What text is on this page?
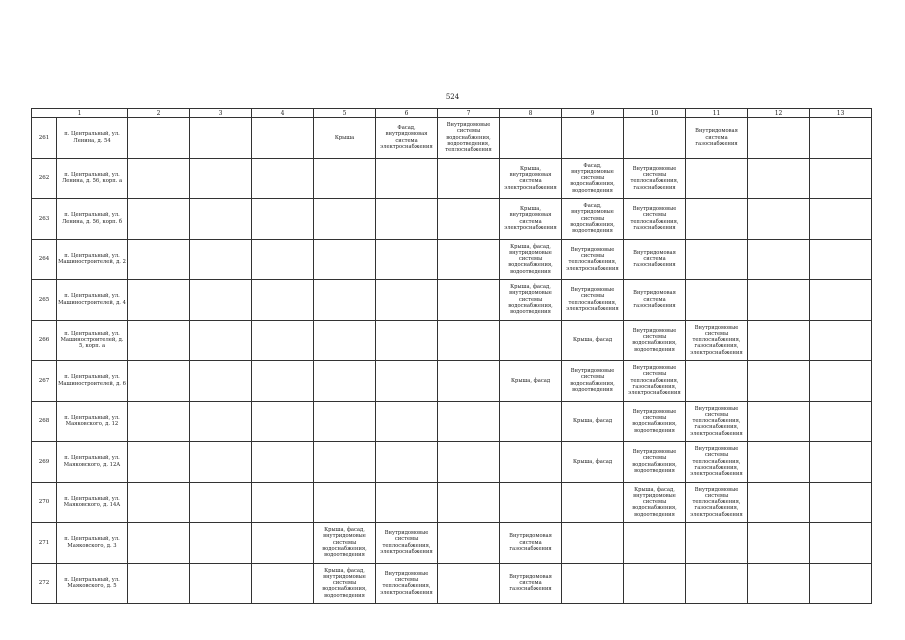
524
1		2	3	4	5	6	7	8	9	10	11	12	13
261	п. Центральный, ул. Ленина, д. 54				Крыша	Фасад, внутридомовая система электроснабжения	Внутридомовые системы водоснабжения, водоотведения, теплоснабжения				Внутридомовая система газоснабжения		
262	п. Центральный, ул. Ленина, д. 56, корп. а							Крыша, внутридомовая система электроснабжения	Фасад, внутридомовые системы водоснабжения, водоотведения	Внутридомовые системы теплоснабжения, газоснабжения			
263	п. Центральный, ул. Ленина, д. 56, корп. б							Крыша, внутридомовая система электроснабжения	Фасад, внутридомовые системы водоснабжения, водоотведения	Внутридомовые системы теплоснабжения, газоснабжения			
264	п. Центральный, ул. Машиностроителей, д. 2							Крыша, фасад, внутридомовые системы водоснабжения, водоотведения	Внутридомовые системы теплоснабжения, электроснабжения	Внутридомовая система газоснабжения			
265	п. Центральный, ул. Машиностроителей, д. 4							Крыша, фасад, внутридомовые системы водоснабжения, водоотведения	Внутридомовые системы теплоснабжения, электроснабжения	Внутридомовая система газоснабжения			
266	п. Центральный, ул. Машиностроителей, д. 5, корп. а								Крыша, фасад	Внутридомовые системы водоснабжения, водоотведения	Внутридомовые системы теплоснабжения, газоснабжения, электроснабжения		
267	п. Центральный, ул. Машиностроителей, д. 6							Крыша, фасад	Внутридомовые системы водоснабжения, водоотведения	Внутридомовые системы теплоснабжения, газоснабжения, электроснабжения			
268	п. Центральный, ул. Маяковского, д. 12								Крыша, фасад	Внутридомовые системы водоснабжения, водоотведения	Внутридомовые системы теплоснабжения, газоснабжения, электроснабжения		
269	п. Центральный, ул. Маяковского, д. 12А								Крыша, фасад	Внутридомовые системы водоснабжения, водоотведения	Внутридомовые системы теплоснабжения, газоснабжения, электроснабжения		
270	п. Центральный, ул. Маяковского, д. 14А									Крыша, фасад, внутридомовые системы водоснабжения, водоотведения	Внутридомовые системы теплоснабжения, газоснабжения, электроснабжения		
271	п. Центральный, ул. Маяковского, д. 3				Крыша, фасад, внутридомовые системы водоснабжения, водоотведения	Внутридомовые системы теплоснабжения, электроснабжения		Внутридомовая система газоснабжения					
272	п. Центральный, ул. Маяковского, д. 5				Крыша, фасад, внутридомовые системы водоснабжения, водоотведения	Внутридомовые системы теплоснабжения, электроснабжения		Внутридомовая система газоснабжения					
